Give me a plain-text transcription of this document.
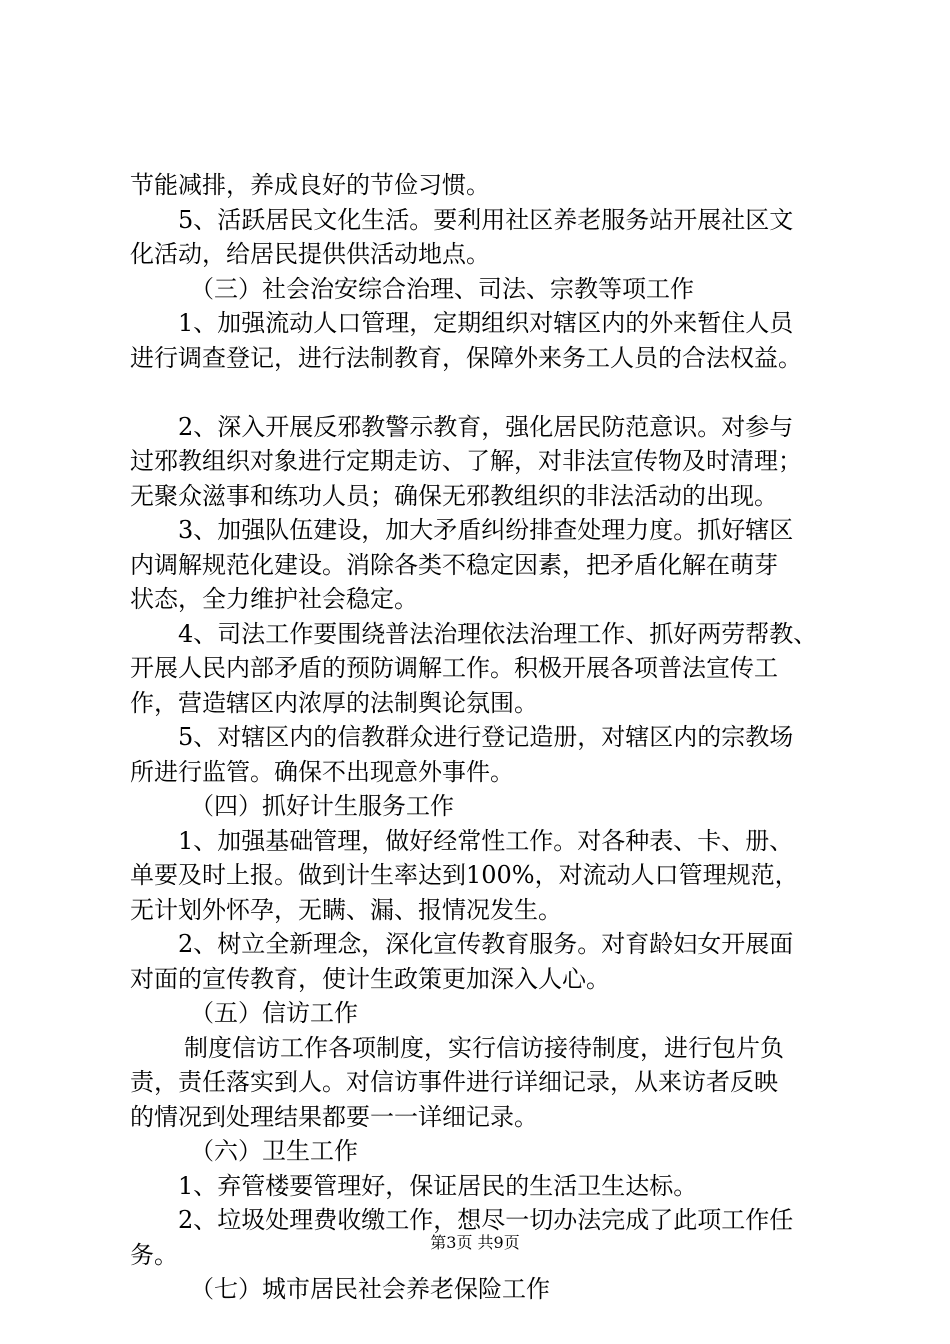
节能减排，养成良好的节俭习惯。
5、活跃居民文化生活。要利用社区养老服务站开展社区文
化活动，给居民提供供活动地点。
（三）社会治安综合治理、司法、宗教等项工作
1、加强流动人口管理，定期组织对辖区内的外来暂住人员
进行调查登记，进行法制教育，保障外来务工人员的合法权益。
2、深入开展反邪教警示教育，强化居民防范意识。对参与
过邪教组织对象进行定期走访、了解，对非法宣传物及时清理；
无聚众滋事和练功人员；确保无邪教组织的非法活动的出现。
3、加强队伍建设，加大矛盾纠纷排查处理力度。抓好辖区
内调解规范化建设。消除各类不稳定因素，把矛盾化解在萌芽
状态，全力维护社会稳定。
4、司法工作要围绕普法治理依法治理工作、抓好两劳帮教、
开展人民内部矛盾的预防调解工作。积极开展各项普法宣传工
作，营造辖区内浓厚的法制舆论氛围。
5、对辖区内的信教群众进行登记造册，对辖区内的宗教场
所进行监管。确保不出现意外事件。
（四）抓好计生服务工作
1、加强基础管理，做好经常性工作。对各种表、卡、册、
单要及时上报。做到计生率达到100%，对流动人口管理规范，
无计划外怀孕，无瞒、漏、报情况发生。
2、树立全新理念，深化宣传教育服务。对育龄妇女开展面
对面的宣传教育，使计生政策更加深入人心。
（五）信访工作
制度信访工作各项制度，实行信访接待制度，进行包片负
责，责任落实到人。对信访事件进行详细记录，从来访者反映
的情况到处理结果都要一一详细记录。
（六）卫生工作
1、弃管楼要管理好，保证居民的生活卫生达标。
2、垃圾处理费收缴工作，想尽一切办法完成了此项工作任
务。
（七）城市居民社会养老保险工作
第3页 共9页
